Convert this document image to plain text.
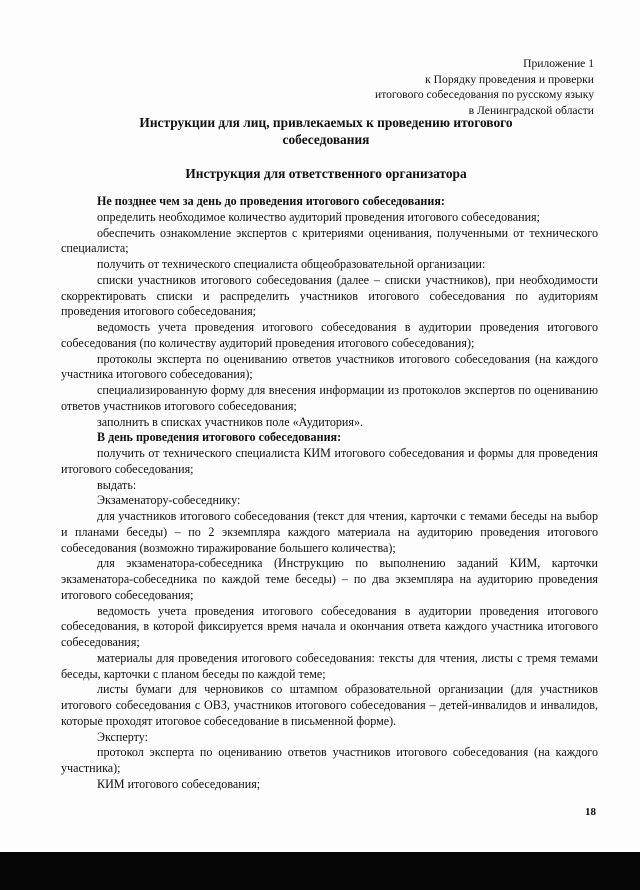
Приложение 1
к Порядку проведения и проверки
итогового собеседования по русскому языку
в Ленинградской области
Инструкции для лиц, привлекаемых к проведению итогового собеседования
Инструкция для ответственного организатора

Не позднее чем за день до проведения итогового собеседования:

определить необходимое количество аудиторий проведения итогового собеседования;

обеспечить ознакомление экспертов с критериями оценивания, полученными от технического специалиста;

получить от технического специалиста общеобразовательной организации:

списки участников итогового собеседования (далее – списки участников), при необходимости скорректировать списки и распределить участников итогового собеседования по аудиториям проведения итогового собеседования;

ведомость учета проведения итогового собеседования в аудитории проведения итогового собеседования (по количеству аудиторий проведения итогового собеседования);

протоколы эксперта по оцениванию ответов участников итогового собеседования (на каждого участника итогового собеседования);

специализированную форму для внесения информации из протоколов экспертов по оцениванию ответов участников итогового собеседования;

заполнить в списках участников поле «Аудитория».

В день проведения итогового собеседования:

получить от технического специалиста КИМ итогового собеседования и формы для проведения итогового собеседования;

выдать:

Экзаменатору-собеседнику:

для участников итогового собеседования (текст для чтения, карточки с темами беседы на выбор и планами беседы) – по 2 экземпляра каждого материала на аудиторию проведения итогового собеседования (возможно тиражирование большего количества);

для экзаменатора-собеседника (Инструкцию по выполнению заданий КИМ, карточки экзаменатора-собеседника по каждой теме беседы) – по два экземпляра на аудиторию проведения итогового собеседования;

ведомость учета проведения итогового собеседования в аудитории проведения итогового собеседования, в которой фиксируется время начала и окончания ответа каждого участника итогового собеседования;

материалы для проведения итогового собеседования: тексты для чтения, листы с тремя темами беседы, карточки с планом беседы по каждой теме;

листы бумаги для черновиков со штампом образовательной организации (для участников итогового собеседования с ОВЗ, участников итогового собеседования – детей-инвалидов и инвалидов, которые проходят итоговое собеседование в письменной форме).

Эксперту:

протокол эксперта по оцениванию ответов участников итогового собеседования (на каждого участника);

КИМ итогового собеседования;

18
